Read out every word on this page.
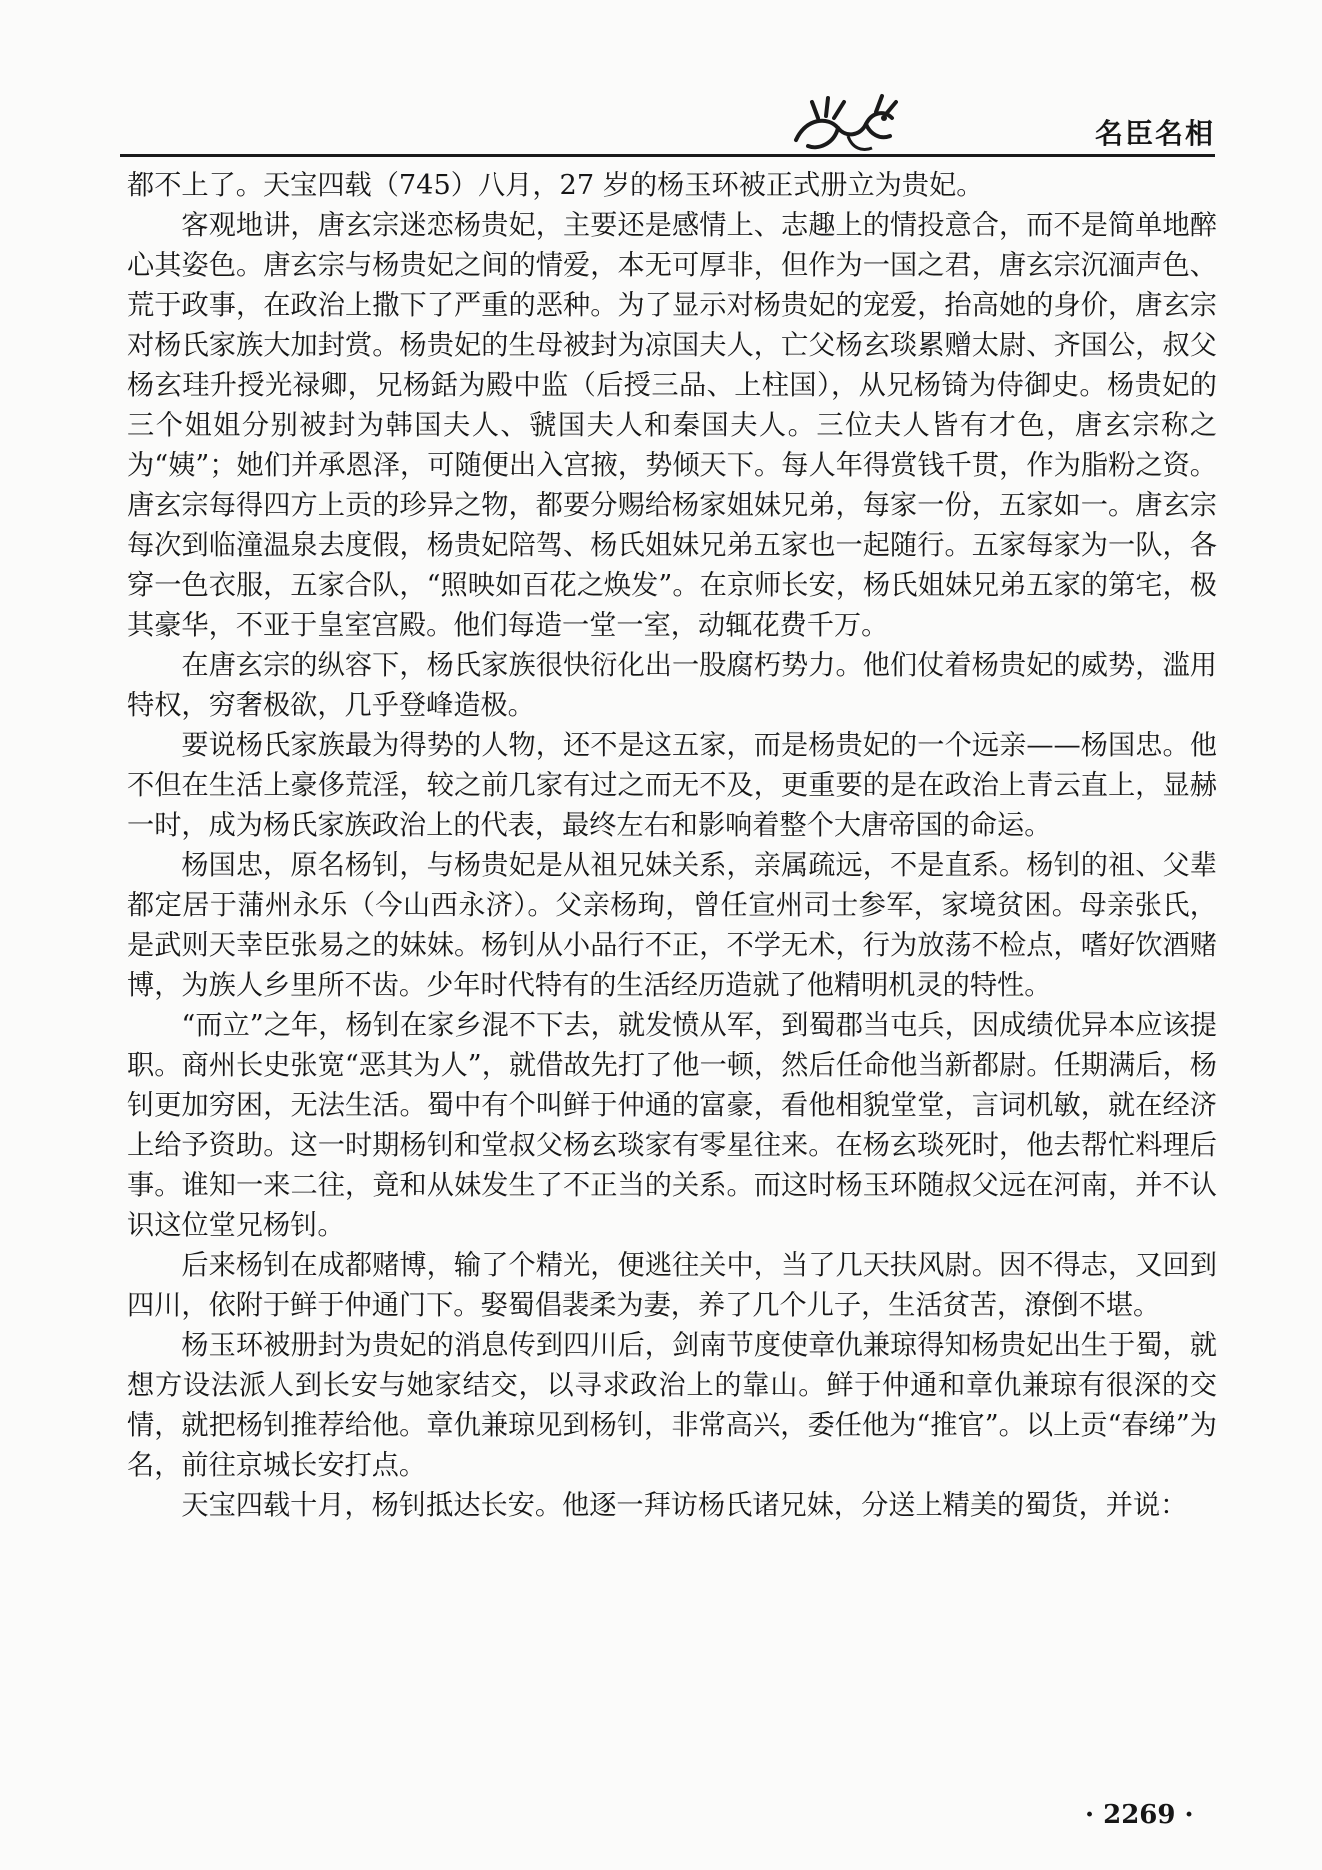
名臣名相

都不上了。天宝四载（745）八月，27 岁的杨玉环被正式册立为贵妃。

客观地讲，唐玄宗迷恋杨贵妃，主要还是感情上、志趣上的情投意合，而不是简单地醉心其姿色。唐玄宗与杨贵妃之间的情爱，本无可厚非，但作为一国之君，唐玄宗沉湎声色、荒于政事，在政治上撒下了严重的恶种。为了显示对杨贵妃的宠爱，抬高她的身价，唐玄宗对杨氏家族大加封赏。杨贵妃的生母被封为凉国夫人，亡父杨玄琰累赠太尉、齐国公，叔父杨玄珪升授光禄卿，兄杨銛为殿中监（后授三品、上柱国），从兄杨锜为侍御史。杨贵妃的三个姐姐分别被封为韩国夫人、虢国夫人和秦国夫人。三位夫人皆有才色，唐玄宗称之为“姨”；她们并承恩泽，可随便出入宫掖，势倾天下。每人年得赏钱千贯，作为脂粉之资。唐玄宗每得四方上贡的珍异之物，都要分赐给杨家姐妹兄弟，每家一份，五家如一。唐玄宗每次到临潼温泉去度假，杨贵妃陪驾、杨氏姐妹兄弟五家也一起随行。五家每家为一队，各穿一色衣服，五家合队，“照映如百花之焕发”。在京师长安，杨氏姐妹兄弟五家的第宅，极其豪华，不亚于皇室宫殿。他们每造一堂一室，动辄花费千万。

在唐玄宗的纵容下，杨氏家族很快衍化出一股腐朽势力。他们仗着杨贵妃的威势，滥用特权，穷奢极欲，几乎登峰造极。

要说杨氏家族最为得势的人物，还不是这五家，而是杨贵妃的一个远亲——杨国忠。他不但在生活上豪侈荒淫，较之前几家有过之而无不及，更重要的是在政治上青云直上，显赫一时，成为杨氏家族政治上的代表，最终左右和影响着整个大唐帝国的命运。

杨国忠，原名杨钊，与杨贵妃是从祖兄妹关系，亲属疏远，不是直系。杨钊的祖、父辈都定居于蒲州永乐（今山西永济）。父亲杨珣，曾任宣州司士参军，家境贫困。母亲张氏，是武则天幸臣张易之的妹妹。杨钊从小品行不正，不学无术，行为放荡不检点，嗜好饮酒赌博，为族人乡里所不齿。少年时代特有的生活经历造就了他精明机灵的特性。

“而立”之年，杨钊在家乡混不下去，就发愤从军，到蜀郡当屯兵，因成绩优异本应该提职。商州长史张宽“恶其为人”，就借故先打了他一顿，然后任命他当新都尉。任期满后，杨钊更加穷困，无法生活。蜀中有个叫鲜于仲通的富豪，看他相貌堂堂，言词机敏，就在经济上给予资助。这一时期杨钊和堂叔父杨玄琰家有零星往来。在杨玄琰死时，他去帮忙料理后事。谁知一来二往，竟和从妹发生了不正当的关系。而这时杨玉环随叔父远在河南，并不认识这位堂兄杨钊。

后来杨钊在成都赌博，输了个精光，便逃往关中，当了几天扶风尉。因不得志，又回到四川，依附于鲜于仲通门下。娶蜀倡裴柔为妻，养了几个儿子，生活贫苦，潦倒不堪。

杨玉环被册封为贵妃的消息传到四川后，剑南节度使章仇兼琼得知杨贵妃出生于蜀，就想方设法派人到长安与她家结交，以寻求政治上的靠山。鲜于仲通和章仇兼琼有很深的交情，就把杨钊推荐给他。章仇兼琼见到杨钊，非常高兴，委任他为“推官”。以上贡“春绨”为名，前往京城长安打点。

天宝四载十月，杨钊抵达长安。他逐一拜访杨氏诸兄妹，分送上精美的蜀货，并说：

· 2269 ·
